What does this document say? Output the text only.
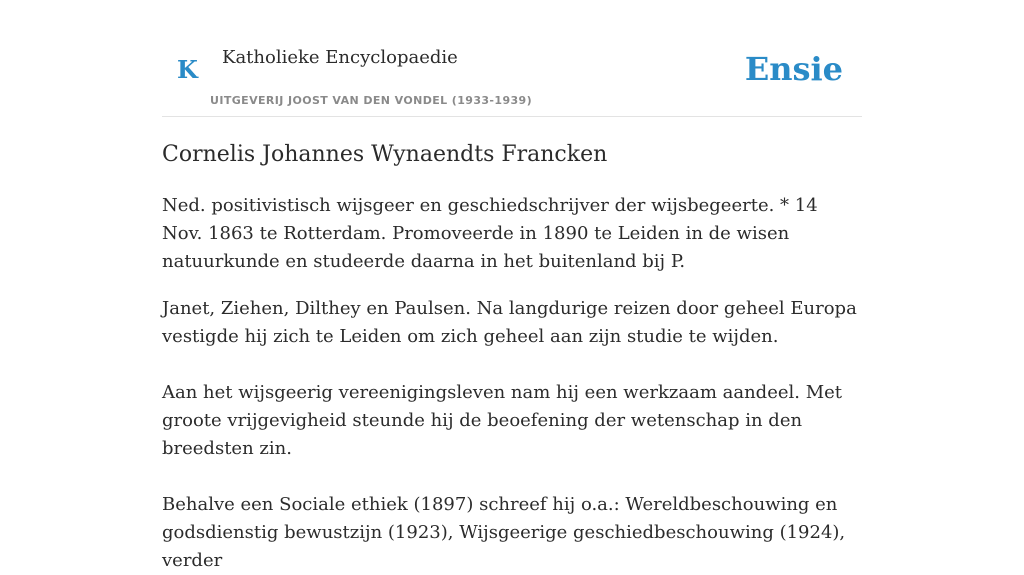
K Katholieke Encyclopaedie
UITGEVERIJ JOOST VAN DEN VONDEL (1933-1939)
Ensie
Cornelis Johannes Wynaendts Francken

Ned. positivistisch wijsgeer en geschiedschrijver der wijsbegeerte. * 14 Nov. 1863 te Rotterdam. Promoveerde in 1890 te Leiden in de wisen natuurkunde en studeerde daarna in het buitenland bij P.

Janet, Ziehen, Dilthey en Paulsen. Na langdurige reizen door geheel Europa vestigde hij zich te Leiden om zich geheel aan zijn studie te wijden.

Aan het wijsgeerig vereenigingsleven nam hij een werkzaam aandeel. Met groote vrijgevigheid steunde hij de beoefening der wetenschap in den breedsten zin.

Behalve een Sociale ethiek (1897) schreef hij o.a.: Wereldbeschouwing en godsdienstig bewustzijn (1923), Wijsgeerige geschiedbeschouwing (1924), verder
